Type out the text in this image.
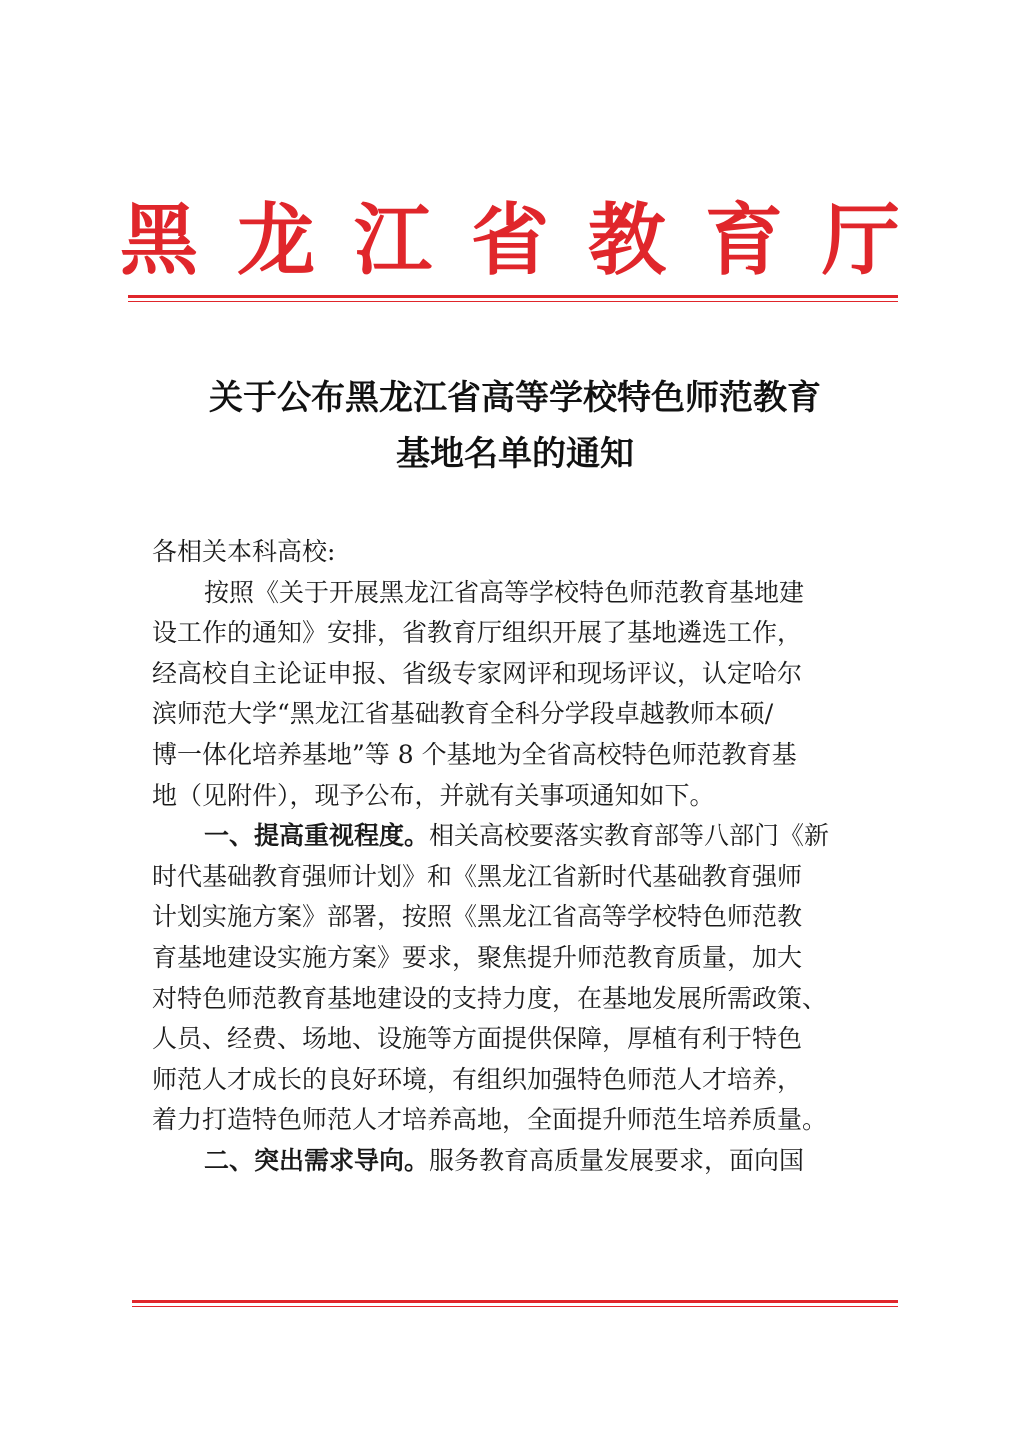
黑 龙 江 省 教 育 厅
关于公布黑龙江省高等学校特色师范教育
基地名单的通知
各相关本科高校:
按照《关于开展黑龙江省高等学校特色师范教育基地建
设工作的通知》安排，省教育厅组织开展了基地遴选工作，
经高校自主论证申报、省级专家网评和现场评议，认定哈尔
滨师范大学“黑龙江省基础教育全科分学段卓越教师本硕/
博一体化培养基地”等 8 个基地为全省高校特色师范教育基
地（见附件），现予公布，并就有关事项通知如下。
一、提高重视程度。相关高校要落实教育部等八部门《新
时代基础教育强师计划》和《黑龙江省新时代基础教育强师
计划实施方案》部署，按照《黑龙江省高等学校特色师范教
育基地建设实施方案》要求，聚焦提升师范教育质量，加大
对特色师范教育基地建设的支持力度，在基地发展所需政策、
人员、经费、场地、设施等方面提供保障，厚植有利于特色
师范人才成长的良好环境，有组织加强特色师范人才培养，
着力打造特色师范人才培养高地，全面提升师范生培养质量。
二、突出需求导向。服务教育高质量发展要求，面向国
